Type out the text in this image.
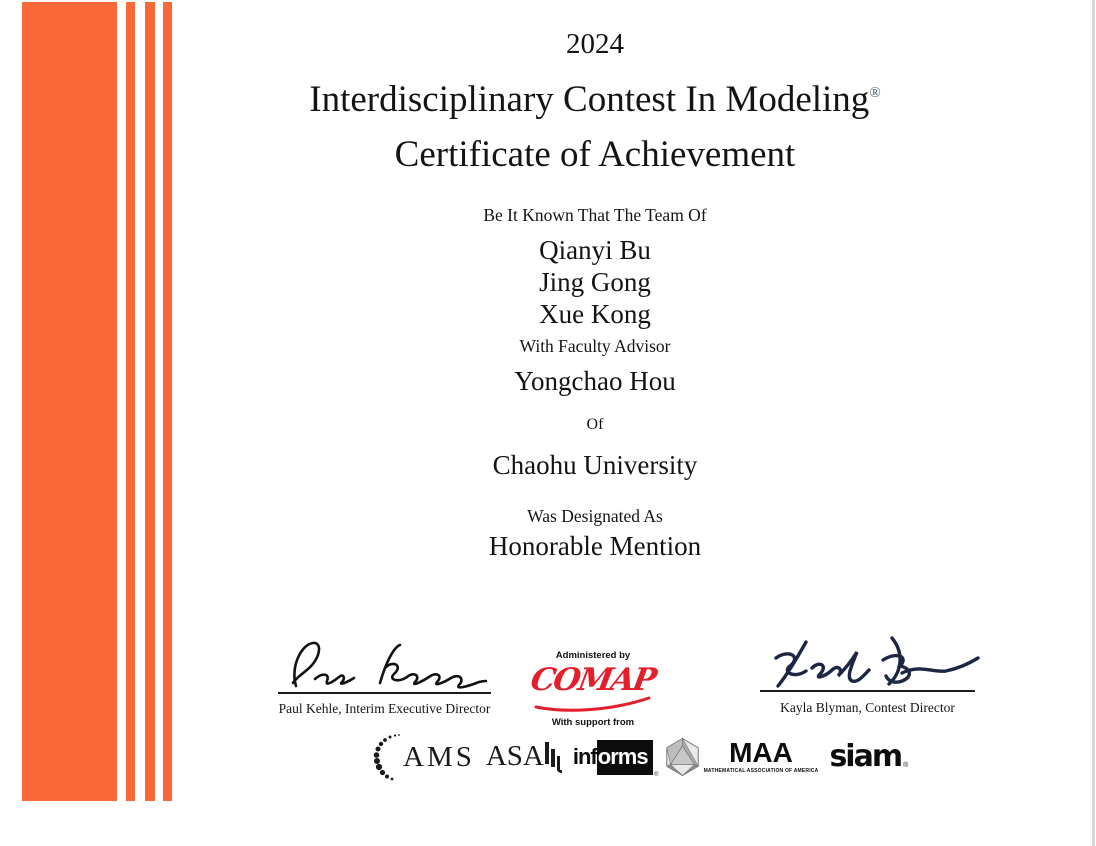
2024
Interdisciplinary Contest In Modeling®
Certificate of Achievement
Be It Known That The Team Of
Qianyi Bu
Jing Gong
Xue Kong
With Faculty Advisor
Yongchao Hou
Of
Chaohu University
Was Designated As
Honorable Mention
Paul Kehle, Interim Executive Director
Administered by
COMAP
With support from
Kayla Blyman, Contest Director
AMS ASA inf orms
®
MAA
MATHEMATICAL ASSOCIATION OF AMERICA siam ®
